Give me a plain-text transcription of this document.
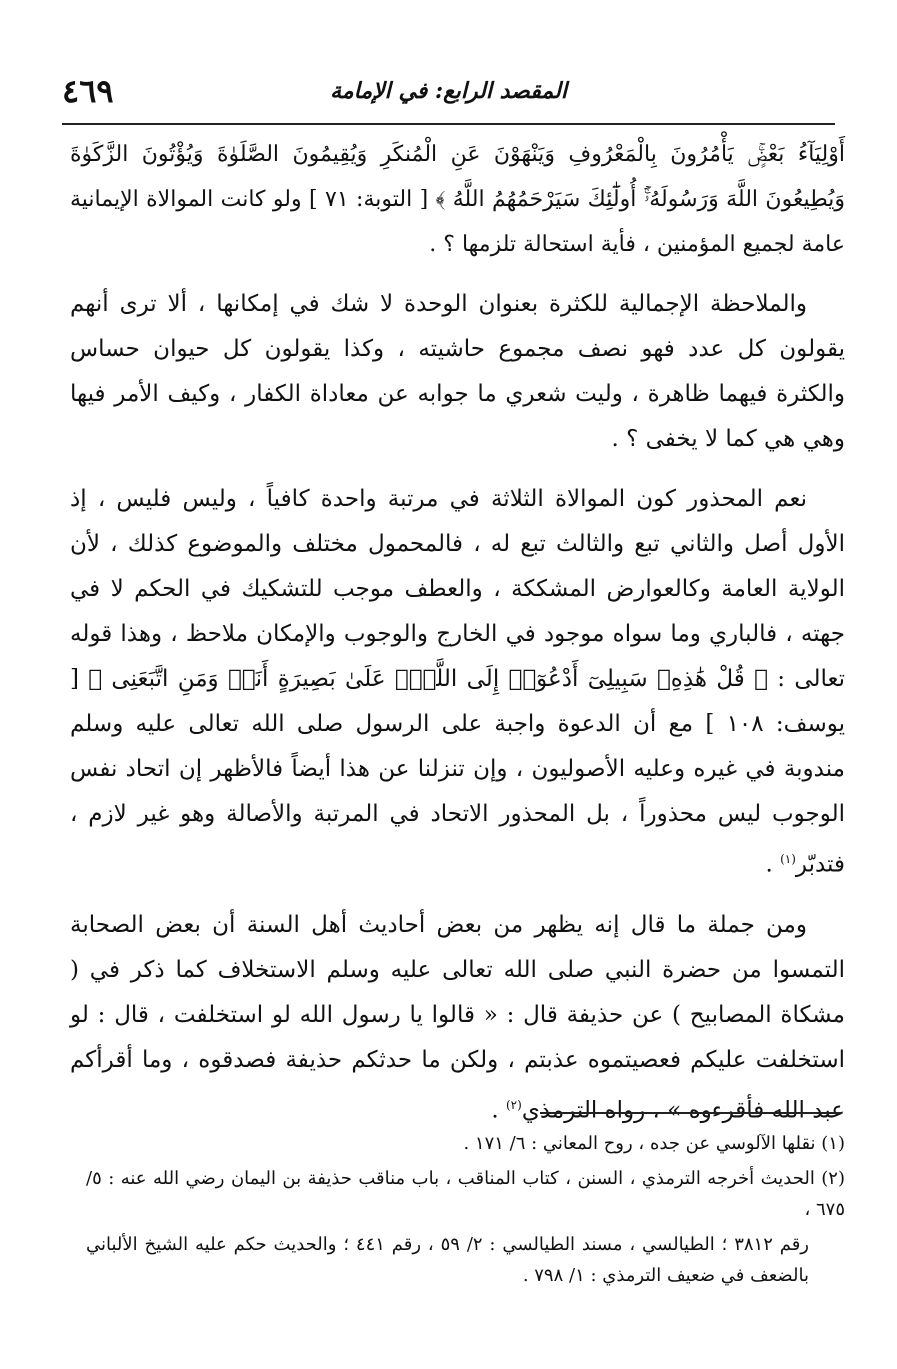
المقصد الرابع: في الإمامة
٤٦٩

أَوْلِيَآءُ بَعْضٍۚ يَأْمُرُونَ بِالْمَعْرُوفِ وَيَنْهَوْنَ عَنِ الْمُنكَرِ وَيُقِيمُونَ الصَّلَوٰةَ وَيُؤْتُونَ الزَّكَوٰةَ وَيُطِيعُونَ اللَّهَ وَرَسُولَهُۥٓۚ أُولَٰٓئِكَ سَيَرْحَمُهُمُ اللَّهُ ﴾ [ التوبة: ٧١ ] ولو كانت الموالاة الإيمانية عامة لجميع المؤمنين ، فأية استحالة تلزمها ؟ .

والملاحظة الإجمالية للكثرة بعنوان الوحدة لا شك في إمكانها ، ألا ترى أنهم يقولون كل عدد فهو نصف مجموع حاشيته ، وكذا يقولون كل حيوان حساس والكثرة فيهما ظاهرة ، وليت شعري ما جوابه عن معاداة الكفار ، وكيف الأمر فيها وهي هي كما لا يخفى ؟ .

نعم المحذور كون الموالاة الثلاثة في مرتبة واحدة كافياً ، وليس فليس ، إذ الأول أصل والثاني تبع والثالث تبع له ، فالمحمول مختلف والموضوع كذلك ، لأن الولاية العامة وكالعوارض المشككة ، والعطف موجب للتشكيك في الحكم لا في جهته ، فالباري وما سواه موجود في الخارج والوجوب والإمكان ملاحظ ، وهذا قوله تعالى : ﴿ قُلْ هَٰذِهِۦ سَبِيلِىٓ أَدْعُوٓا۟ إِلَى اللَّهِۚ عَلَىٰ بَصِيرَةٍ أَنَا۠ وَمَنِ اتَّبَعَنِى ﴾ [ يوسف: ١٠٨ ] مع أن الدعوة واجبة على الرسول صلى الله تعالى عليه وسلم مندوبة في غيره وعليه الأصوليون ، وإن تنزلنا عن هذا أيضاً فالأظهر إن اتحاد نفس الوجوب ليس محذوراً ، بل المحذور الاتحاد في المرتبة والأصالة وهو غير لازم ، فتدبّر$^{(١)}$ .

ومن جملة ما قال إنه يظهر من بعض أحاديث أهل السنة أن بعض الصحابة التمسوا من حضرة النبي صلى الله تعالى عليه وسلم الاستخلاف كما ذكر في ( مشكاة المصابيح ) عن حذيفة قال : « قالوا يا رسول الله لو استخلفت ، قال : لو استخلفت عليكم فعصيتموه عذبتم ، ولكن ما حدثكم حذيفة فصدقوه ، وما أقرأكم عبد الله فأقرءوه » ، رواه الترمذي$^{(٢)}$ .

(١) نقلها الآلوسي عن جده ، روح المعاني : ٦/ ١٧١ .

(٢) الحديث أخرجه الترمذي ، السنن ، كتاب المناقب ، باب مناقب حذيفة بن اليمان رضي الله عنه : ٥/ ٦٧٥ ،

رقم ٣٨١٢ ؛ الطيالسي ، مسند الطيالسي : ٢/ ٥٩ ، رقم ٤٤١ ؛ والحديث حكم عليه الشيخ الألباني بالضعف في ضعيف الترمذي : ١/ ٧٩٨ .
